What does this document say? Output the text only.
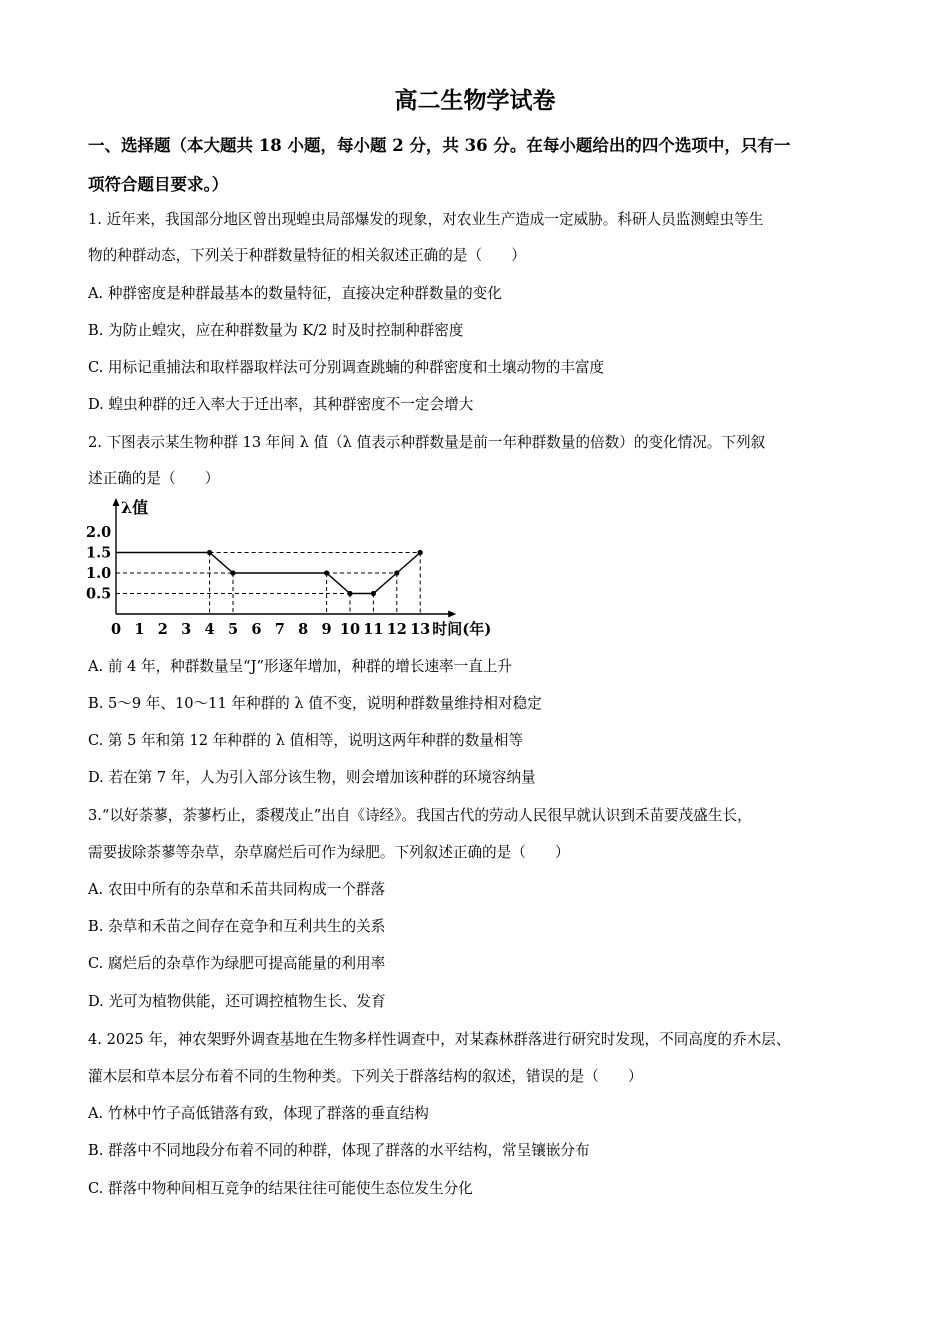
高二生物学试卷
一、选择题（本大题共 18 小题，每小题 2 分，共 36 分。在每小题给出的四个选项中，只有一
项符合题目要求。）
1. 近年来，我国部分地区曾出现蝗虫局部爆发的现象，对农业生产造成一定威胁。科研人员监测蝗虫等生
物的种群动态，下列关于种群数量特征的相关叙述正确的是（　　）
A. 种群密度是种群最基本的数量特征，直接决定种群数量的变化
B. 为防止蝗灾，应在种群数量为 K/2 时及时控制种群密度
C. 用标记重捕法和取样器取样法可分别调查跳蝻的种群密度和土壤动物的丰富度
D. 蝗虫种群的迁入率大于迁出率，其种群密度不一定会增大
2. 下图表示某生物种群 13 年间 λ 值（λ 值表示种群数量是前一年种群数量的倍数）的变化情况。下列叙
述正确的是（　　）
λ值
时间(年)
0 1 2 3 4 5 6 7 8 9 10 11 12 13
2.0
1.5
1.0
0.5
A. 前 4 年，种群数量呈“J”形逐年增加，种群的增长速率一直上升
B. 5～9 年、10～11 年种群的 λ 值不变，说明种群数量维持相对稳定
C. 第 5 年和第 12 年种群的 λ 值相等，说明这两年种群的数量相等
D. 若在第 7 年，人为引入部分该生物，则会增加该种群的环境容纳量
3.“以好荼蓼，荼蓼朽止，黍稷茂止”出自《诗经》。我国古代的劳动人民很早就认识到禾苗要茂盛生长，
需要拔除荼蓼等杂草，杂草腐烂后可作为绿肥。下列叙述正确的是（　　）
A. 农田中所有的杂草和禾苗共同构成一个群落
B. 杂草和禾苗之间存在竞争和互利共生的关系
C. 腐烂后的杂草作为绿肥可提高能量的利用率
D. 光可为植物供能，还可调控植物生长、发育
4. 2025 年，神农架野外调查基地在生物多样性调查中，对某森林群落进行研究时发现，不同高度的乔木层、
灌木层和草本层分布着不同的生物种类。下列关于群落结构的叙述，错误的是（　　）
A. 竹林中竹子高低错落有致，体现了群落的垂直结构
B. 群落中不同地段分布着不同的种群，体现了群落的水平结构，常呈镶嵌分布
C. 群落中物种间相互竞争的结果往往可能使生态位发生分化
